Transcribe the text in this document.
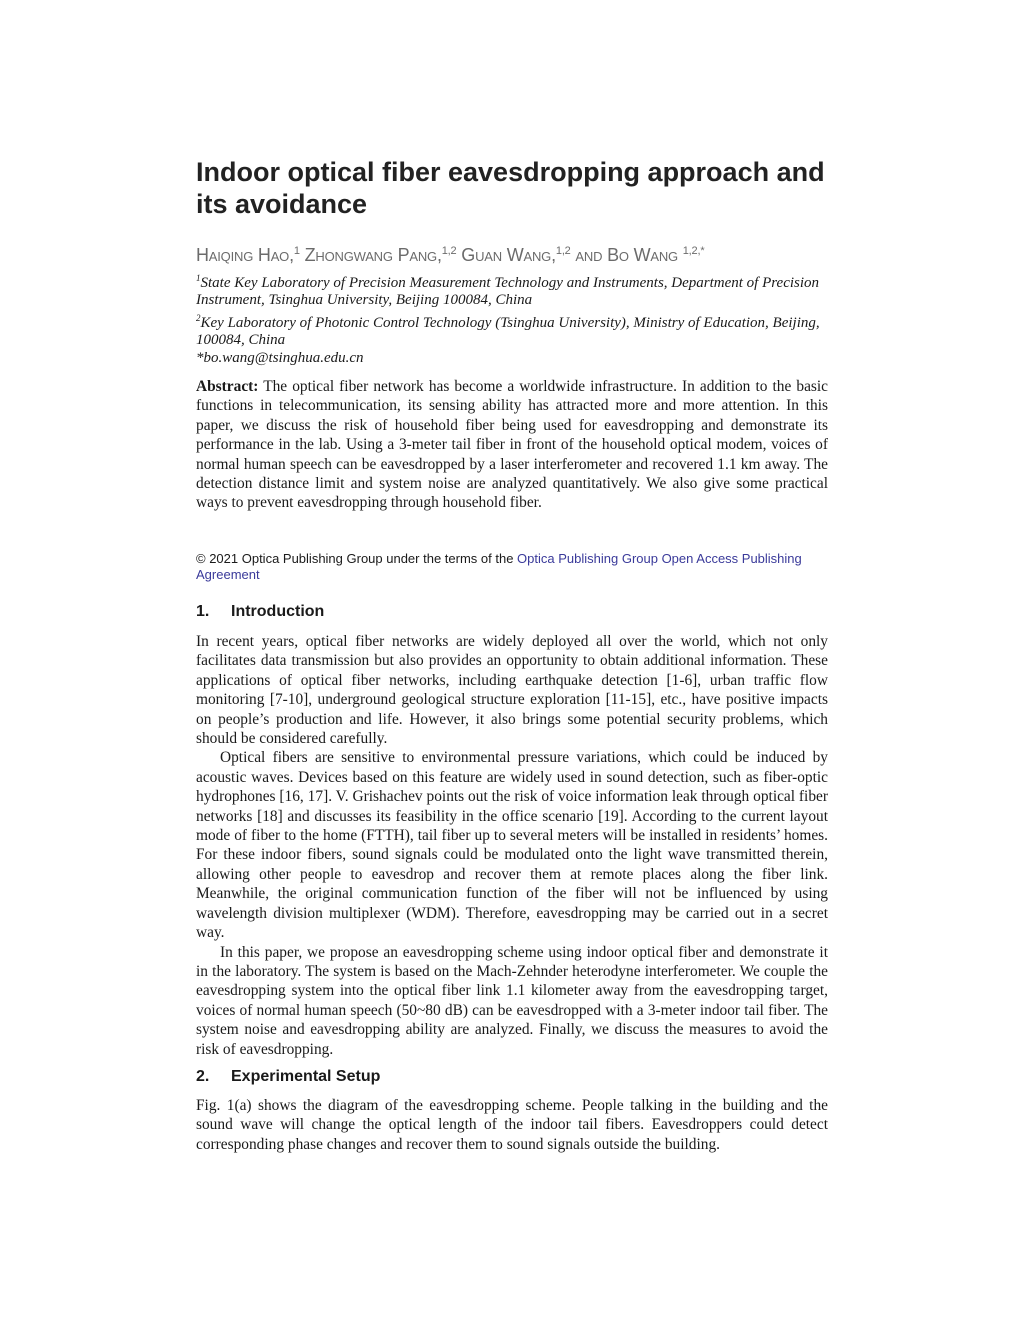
Indoor optical fiber eavesdropping approach and its avoidance
Haiqing Hao,$^1$ Zhongwang Pang,$^{1,2}$ Guan Wang,$^{1,2}$ and Bo Wang $^{1,2,*}$
$^1$State Key Laboratory of Precision Measurement Technology and Instruments, Department of Precision Instrument, Tsinghua University, Beijing 100084, China
$^2$Key Laboratory of Photonic Control Technology (Tsinghua University), Ministry of Education, Beijing, 100084, China
*bo.wang@tsinghua.edu.cn

Abstract: The optical fiber network has become a worldwide infrastructure. In addition to the basic functions in telecommunication, its sensing ability has attracted more and more attention. In this paper, we discuss the risk of household fiber being used for eavesdropping and demonstrate its performance in the lab. Using a 3-meter tail fiber in front of the household optical modem, voices of normal human speech can be eavesdropped by a laser interferometer and recovered 1.1 km away. The detection distance limit and system noise are analyzed quantitatively. We also give some practical ways to prevent eavesdropping through household fiber.

© 2021 Optica Publishing Group under the terms of the Optica Publishing Group Open Access Publishing Agreement
1. Introduction

In recent years, optical fiber networks are widely deployed all over the world, which not only facilitates data transmission but also provides an opportunity to obtain additional information. These applications of optical fiber networks, including earthquake detection [1-6], urban traffic flow monitoring [7-10], underground geological structure exploration [11-15], etc., have positive impacts on people’s production and life. However, it also brings some potential security problems, which should be considered carefully.

Optical fibers are sensitive to environmental pressure variations, which could be induced by acoustic waves. Devices based on this feature are widely used in sound detection, such as fiber-optic hydrophones [16, 17]. V. Grishachev points out the risk of voice information leak through optical fiber networks [18] and discusses its feasibility in the office scenario [19]. According to the current layout mode of fiber to the home (FTTH), tail fiber up to several meters will be installed in residents’ homes. For these indoor fibers, sound signals could be modulated onto the light wave transmitted therein, allowing other people to eavesdrop and recover them at remote places along the fiber link. Meanwhile, the original communication function of the fiber will not be influenced by using wavelength division multiplexer (WDM). Therefore, eavesdropping may be carried out in a secret way.

In this paper, we propose an eavesdropping scheme using indoor optical fiber and demonstrate it in the laboratory. The system is based on the Mach-Zehnder heterodyne interferometer. We couple the eavesdropping system into the optical fiber link 1.1 kilometer away from the eavesdropping target, voices of normal human speech (50~80 dB) can be eavesdropped with a 3-meter indoor tail fiber. The system noise and eavesdropping ability are analyzed. Finally, we discuss the measures to avoid the risk of eavesdropping.

2. Experimental Setup

Fig. 1(a) shows the diagram of the eavesdropping scheme. People talking in the building and the sound wave will change the optical length of the indoor tail fibers. Eavesdroppers could detect corresponding phase changes and recover them to sound signals outside the building.
